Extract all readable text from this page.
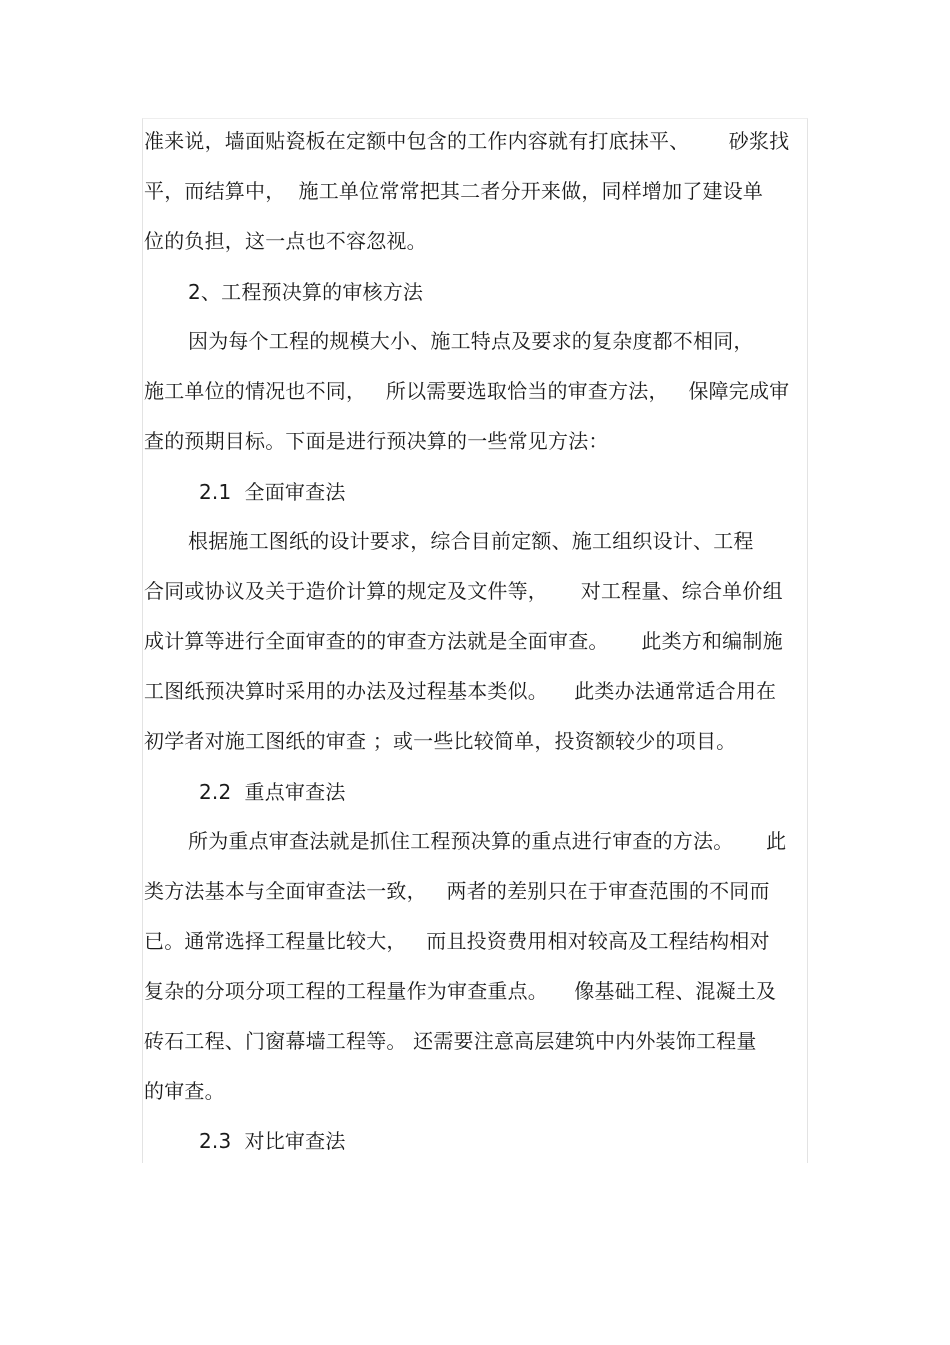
准来说，墙面贴瓷板在定额中包含的工作内容就有打底抹平、      砂浆找
平，而结算中，  施工单位常常把其二者分开来做，同样增加了建设单
位的负担，这一点也不容忽视。
2、工程预决算的审核方法
因为每个工程的规模大小、施工特点及要求的复杂度都不相同，
施工单位的情况也不同，   所以需要选取恰当的审查方法，   保障完成审
查的预期目标。下面是进行预决算的一些常见方法：
2.1  全面审查法
根据施工图纸的设计要求，综合目前定额、施工组织设计、工程
合同或协议及关于造价计算的规定及文件等，     对工程量、综合单价组
成计算等进行全面审查的的审查方法就是全面审查。     此类方和编制施
工图纸预决算时采用的办法及过程基本类似。    此类办法通常适合用在
初学者对施工图纸的审查 ；或一些比较简单，投资额较少的项目。
2.2  重点审查法
所为重点审查法就是抓住工程预决算的重点进行审查的方法。     此
类方法基本与全面审查法一致，   两者的差别只在于审查范围的不同而
已。通常选择工程量比较大，   而且投资费用相对较高及工程结构相对
复杂的分项分项工程的工程量作为审查重点。    像基础工程、混凝土及
砖石工程、门窗幕墙工程等。 还需要注意高层建筑中内外装饰工程量
的审查。
2.3  对比审查法
